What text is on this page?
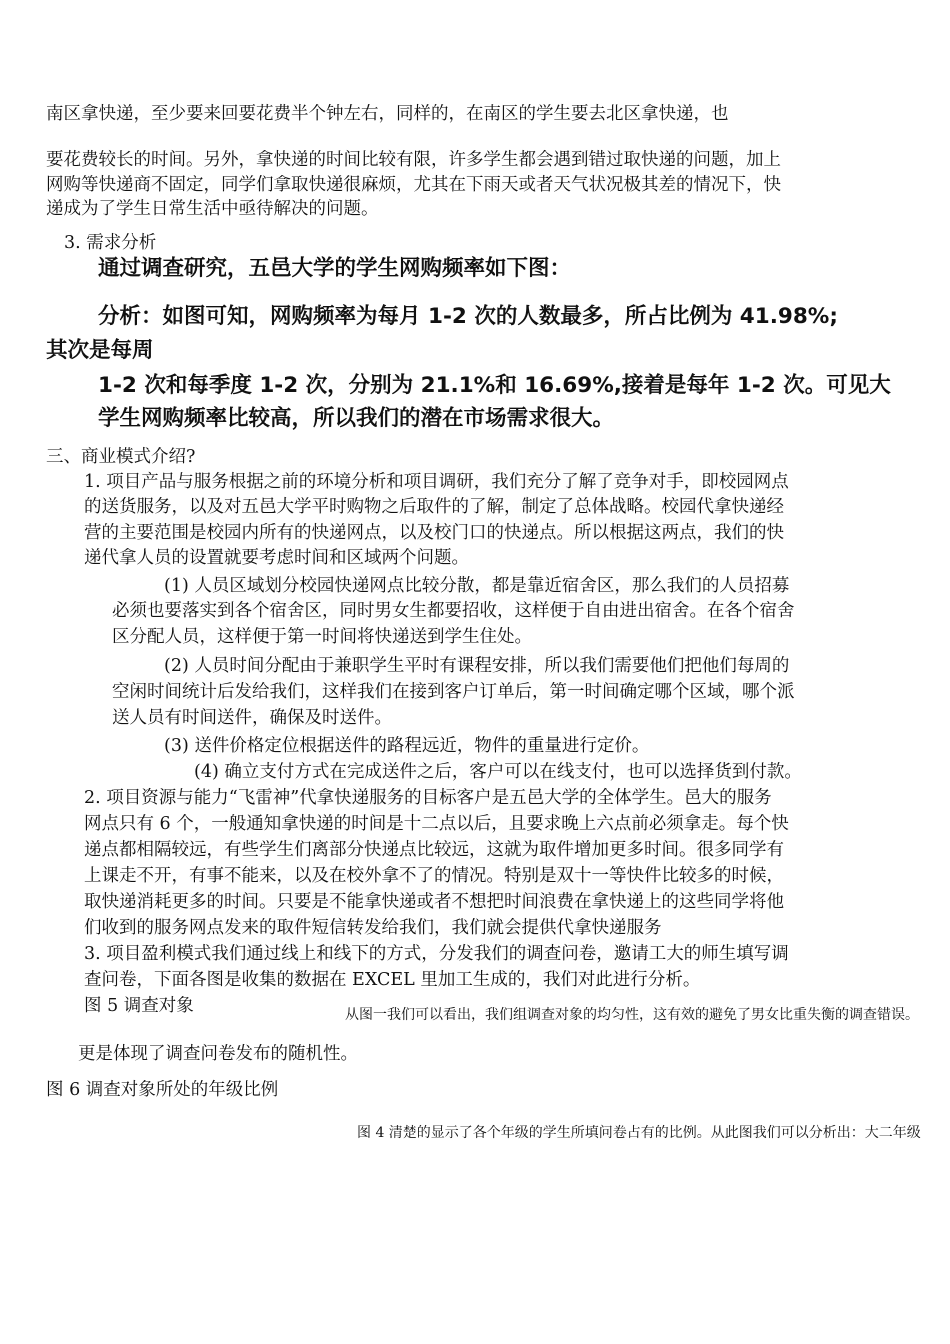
南区拿快递，至少要来回要花费半个钟左右，同样的，在南区的学生要去北区拿快递，也
要花费较长的时间。另外，拿快递的时间比较有限，许多学生都会遇到错过取快递的问题，加上
网购等快递商不固定，同学们拿取快递很麻烦，尤其在下雨天或者天气状况极其差的情况下，快
递成为了学生日常生活中亟待解决的问题。
3. 需求分析
通过调查研究，五邑大学的学生网购频率如下图：
分析：如图可知，网购频率为每月 1-2 次的人数最多，所占比例为 41.98%;
其次是每周
1-2 次和每季度 1-2 次，分别为 21.1%和 16.69%,接着是每年 1-2 次。可见大
学生网购频率比较高，所以我们的潜在市场需求很大。
三、商业模式介绍?
1. 项目产品与服务根据之前的环境分析和项目调研，我们充分了解了竞争对手，即校园网点
的送货服务，以及对五邑大学平时购物之后取件的了解，制定了总体战略。校园代拿快递经
营的主要范围是校园内所有的快递网点，以及校门口的快递点。所以根据这两点，我们的快
递代拿人员的设置就要考虑时间和区域两个问题。
(1) 人员区域划分校园快递网点比较分散，都是靠近宿舍区，那么我们的人员招募
必须也要落实到各个宿舍区，同时男女生都要招收，这样便于自由进出宿舍。在各个宿舍
区分配人员，这样便于第一时间将快递送到学生住处。
(2) 人员时间分配由于兼职学生平时有课程安排，所以我们需要他们把他们每周的
空闲时间统计后发给我们，这样我们在接到客户订单后，第一时间确定哪个区域，哪个派
送人员有时间送件，确保及时送件。
(3) 送件价格定位根据送件的路程远近，物件的重量进行定价。
(4) 确立支付方式在完成送件之后，客户可以在线支付，也可以选择货到付款。
2. 项目资源与能力“飞雷神”代拿快递服务的目标客户是五邑大学的全体学生。邑大的服务
网点只有 6 个，一般通知拿快递的时间是十二点以后，且要求晚上六点前必须拿走。每个快
递点都相隔较远，有些学生们离部分快递点比较远，这就为取件增加更多时间。很多同学有
上课走不开，有事不能来，以及在校外拿不了的情况。特别是双十一等快件比较多的时候，
取快递消耗更多的时间。只要是不能拿快递或者不想把时间浪费在拿快递上的这些同学将他
们收到的服务网点发来的取件短信转发给我们，我们就会提供代拿快递服务
3. 项目盈利模式我们通过线上和线下的方式，分发我们的调查问卷，邀请工大的师生填写调
查问卷，下面各图是收集的数据在 EXCEL 里加工生成的，我们对此进行分析。
图 5 调查对象	从图一我们可以看出，我们组调查对象的均匀性，这有效的避免了男女比重失衡的调查错误。
更是体现了调查问卷发布的随机性。
图 6 调查对象所处的年级比例
图 4 清楚的显示了各个年级的学生所填问卷占有的比例。从此图我们可以分析出：大二年级
